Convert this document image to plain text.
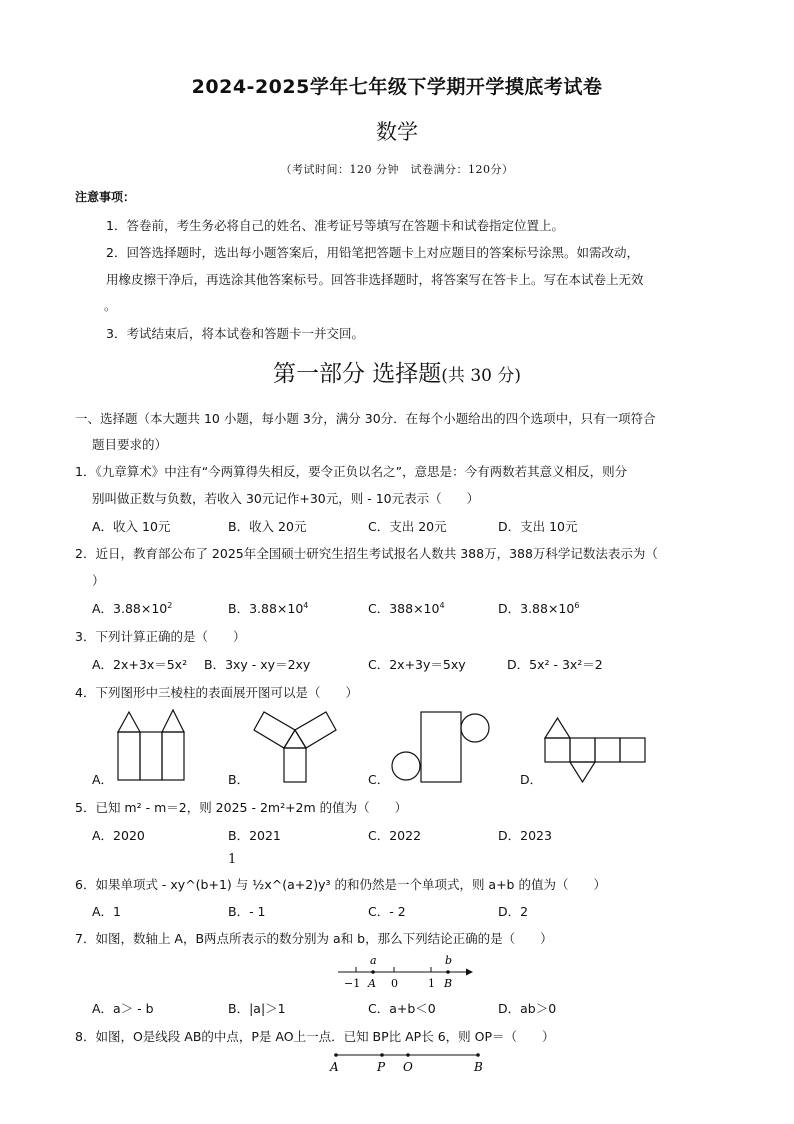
2024-2025学年七年级下学期开学摸底考试卷
数学
（考试时间：120 分钟　试卷满分：120分）
注意事项：
1．答卷前，考生务必将自己的姓名、准考证号等填写在答题卡和试卷指定位置上。
2．回答选择题时，选出每小题答案后，用铅笔把答题卡上对应题目的答案标号涂黑。如需改动，
用橡皮擦干净后，再选涂其他答案标号。回答非选择题时，将答案写在答卡上。写在本试卷上无效
。
3．考试结束后，将本试卷和答题卡一并交回。
第一部分 选择题(共 30 分)
一、选择题（本大题共 10 小题，每小题 3分，满分 30分．在每个小题给出的四个选项中，只有一项符合
题目要求的）
1．《九章算术》中注有“今两算得失相反，要令正负以名之”，意思是：今有两数若其意义相反，则分
别叫做正数与负数，若收入 30元记作+30元，则 - 10元表示（　　）
A．收入 10元	B．收入 20元	C．支出 20元	D．支出 10元
2．近日，教育部公布了 2025年全国硕士研究生招生考试报名人数共 388万，388万科学记数法表示为（
）
A．$3.88\times 10^2$	B．$3.88\times 10^4$	C．$388\times 10^4$	D．$3.88\times 10^6$
3．下列计算正确的是（　　）
A．2x+3x＝5x² B．3xy - xy＝2xy	C．2x+3y＝5xy	D．5x² - 3x²＝2
4．下列图形中三棱柱的表面展开图可以是（　　）
A．	B．	C．	D．
5．已知 m² - m＝2，则 2025 - 2m²+2m 的值为（　　）
A．2020	B．2021	C．2022	D．2023
1
6．如果单项式 - xy^(b+1) 与 ½x^(a+2)y³ 的和仍然是一个单项式，则 a+b 的值为（　　）
A．1	B．- 1	C．- 2	D．2
7．如图，数轴上 A，B两点所表示的数分别为 a和 b，那么下列结论正确的是（　　）
a	b
−1 A 0	1 B
A．a＞ - b	B．|a|＞1	C．a+b＜0	D．ab＞0
8．如图，O是线段 AB的中点，P是 AO上一点．已知 BP比 AP长 6，则 OP＝（　　）
A	P O	B
